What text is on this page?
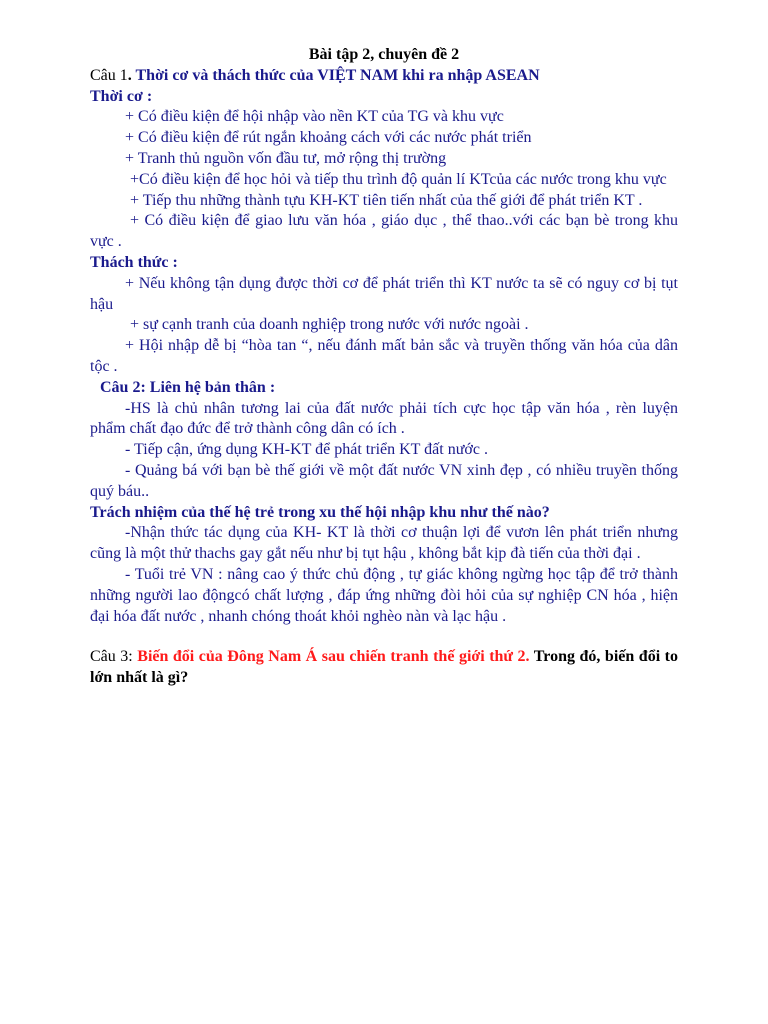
Bài tập 2, chuyên đề 2

Câu 1. Thời cơ và thách thức của VIỆT NAM khi ra nhập ASEAN

Thời cơ :

+ Có điều kiện để hội nhập vào nền KT của TG và khu vực

+ Có điều kiện để rút ngắn khoảng cách với các nước phát triển

+ Tranh thủ nguồn vốn đầu tư, mở rộng thị trường

+Có điều kiện để học hỏi và tiếp thu trình độ quản lí KTcủa các nước trong khu vực

+ Tiếp thu những thành tựu KH-KT tiên tiến nhất của thế giới để phát triển KT .

+ Có điều kiện để giao lưu văn hóa , giáo dục , thể thao..với các bạn bè trong khu vực .

Thách thức :

+ Nếu không tận dụng được thời cơ để phát triển thì KT nước ta sẽ có nguy cơ bị tụt hậu

+ sự cạnh tranh của doanh nghiệp trong nước với nước ngoài .

+ Hội nhập dễ bị “hòa tan “, nếu đánh mất bản sắc và truyền thống văn hóa của dân tộc .

Câu 2: Liên hệ bản thân :

-HS là chủ nhân tương lai của đất nước phải tích cực học tập văn hóa , rèn luyện phẩm chất đạo đức để trở thành công dân có ích .

- Tiếp cận, ứng dụng KH-KT để phát triển KT đất nước .

- Quảng bá với bạn bè thế giới về một đất nước VN xinh đẹp , có nhiều truyền thống quý báu..

Trách nhiệm của thế hệ trẻ trong xu thế hội nhập khu như thế nào?

-Nhận thức tác dụng của KH- KT là thời cơ thuận lợi để vươn lên phát triển nhưng cũng là một thử thachs gay gắt nếu như bị tụt hậu , không bắt kịp đà tiến của thời đại .

- Tuổi trẻ VN : nâng cao ý thức chủ động , tự giác không ngừng học tập để trở thành những người lao độngcó chất lượng , đáp ứng những đòi hỏi của sự nghiệp CN hóa , hiện đại hóa đất nước , nhanh chóng thoát khỏi nghèo nàn và lạc hậu .

Câu 3: Biến đổi của Đông Nam Á sau chiến tranh thế giới thứ 2. Trong đó, biến đổi to lớn nhất là gì?
